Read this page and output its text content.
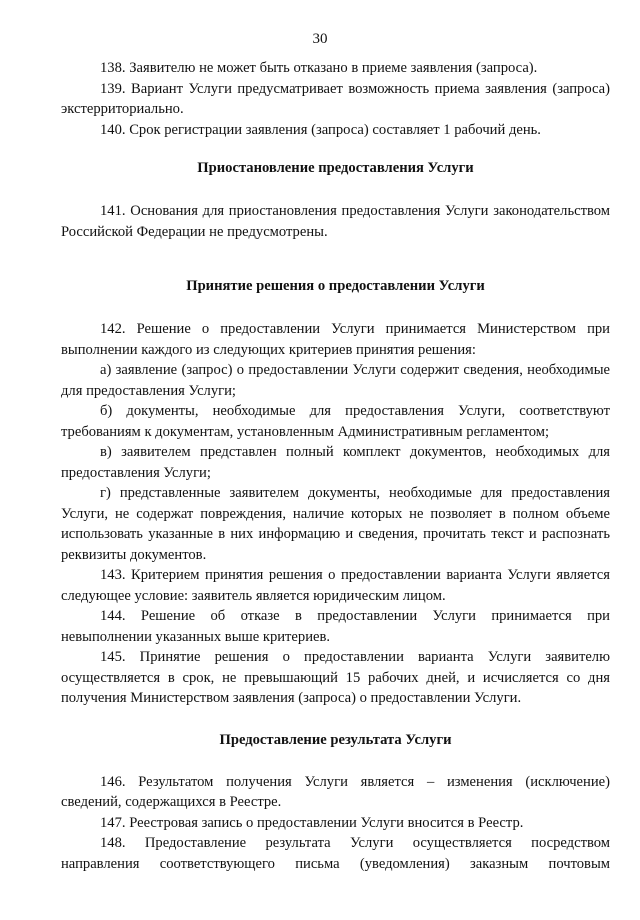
30

138. Заявителю не может быть отказано в приеме заявления (запроса).

139. Вариант Услуги предусматривает возможность приема заявления (запроса) экстерриториально.

140. Срок регистрации заявления (запроса) составляет 1 рабочий день.

Приостановление предоставления Услуги

141. Основания для приостановления предоставления Услуги законодательством Российской Федерации не предусмотрены.

Принятие решения о предоставлении Услуги

142. Решение о предоставлении Услуги принимается Министерством при выполнении каждого из следующих критериев принятия решения:

а) заявление (запрос) о предоставлении Услуги содержит сведения, необходимые для предоставления Услуги;

б) документы, необходимые для предоставления Услуги, соответствуют требованиям к документам, установленным Административным регламентом;

в) заявителем представлен полный комплект документов, необходимых для  предоставления Услуги;

г) представленные заявителем документы, необходимые для предоставления Услуги, не содержат повреждения, наличие которых не позволяет в полном объеме использовать указанные в них информацию и сведения, прочитать текст и распознать реквизиты документов.

143. Критерием принятия решения о предоставлении варианта Услуги является следующее условие: заявитель является юридическим лицом.

144. Решение об отказе в предоставлении Услуги принимается при невыполнении указанных выше критериев.

145. Принятие решения о предоставлении варианта Услуги заявителю осуществляется в срок, не превышающий 15 рабочих дней, и исчисляется со дня получения Министерством заявления (запроса) о предоставлении Услуги.

Предоставление результата Услуги

146. Результатом получения Услуги является – изменения (исключение) сведений, содержащихся в Реестре.

147. Реестровая запись о предоставлении Услуги вносится в Реестр.

148. Предоставление результата Услуги осуществляется посредством направления соответствующего письма (уведомления) заказным почтовым
